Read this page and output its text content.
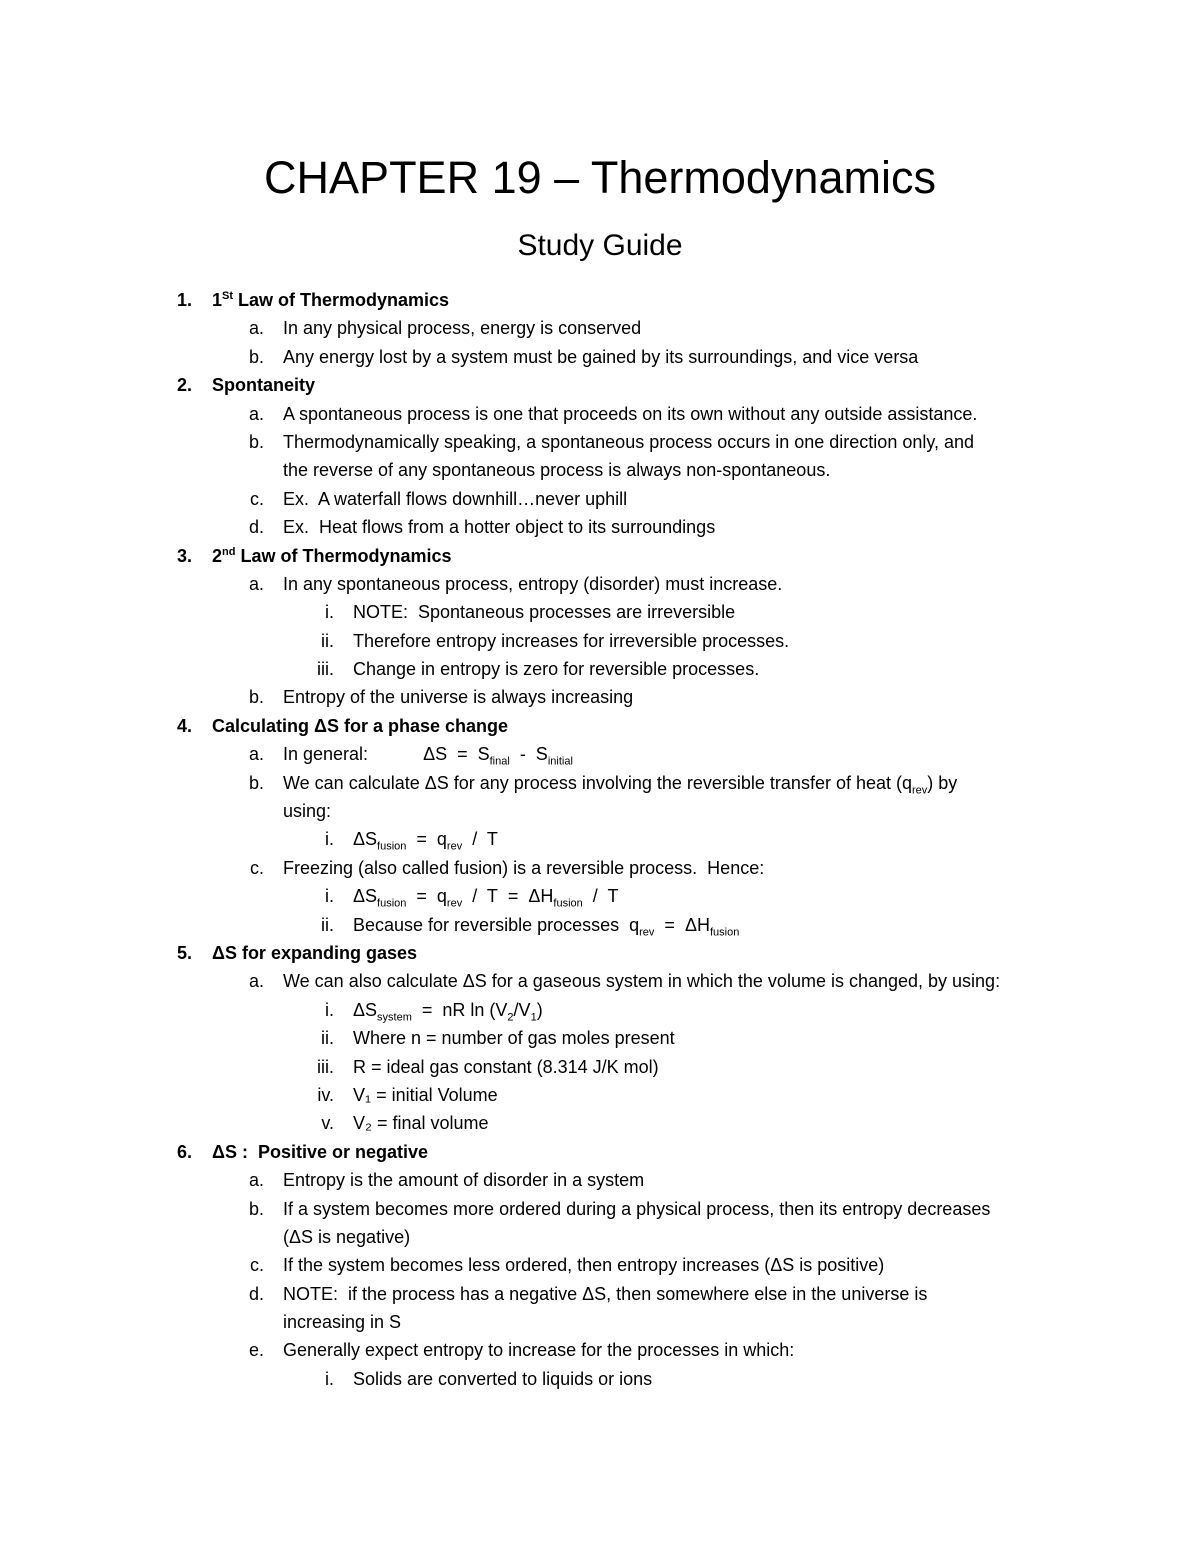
CHAPTER 19 – Thermodynamics
Study Guide
1. 1St Law of Thermodynamics
a. In any physical process, energy is conserved
b. Any energy lost by a system must be gained by its surroundings, and vice versa
2. Spontaneity
a. A spontaneous process is one that proceeds on its own without any outside assistance.
b. Thermodynamically speaking, a spontaneous process occurs in one direction only, and
the reverse of any spontaneous process is always non-spontaneous.
c. Ex.  A waterfall flows downhill…never uphill
d. Ex.  Heat flows from a hotter object to its surroundings
3. 2nd Law of Thermodynamics
a. In any spontaneous process, entropy (disorder) must increase.
i. NOTE:  Spontaneous processes are irreversible
ii. Therefore entropy increases for irreversible processes.
iii. Change in entropy is zero for reversible processes.
b. Entropy of the universe is always increasing
4. Calculating ΔS for a phase change
a. In general:           $\Delta S = S_{final} - S_{initial}$
b. We can calculate ΔS for any process involving the reversible transfer of heat $(q_{rev})$ by
using:
i. $\Delta S_{fusion} = q_{rev} / T$
c. Freezing (also called fusion) is a reversible process.  Hence:
i. $\Delta S_{fusion} = q_{rev} / T = \Delta H_{fusion} / T$
ii. Because for reversible processes  $q_{rev} = \Delta H_{fusion}$
5. ΔS for expanding gases
a. We can also calculate ΔS for a gaseous system in which the volume is changed, by using:
i. $\Delta S_{system}$  =  nR $\ln (V_2/V_1)$
ii. Where n = number of gas moles present
iii. R = ideal gas constant (8.314 J/K mol)
iv. V₁ = initial Volume
v. V₂ = final volume
6. ΔS :  Positive or negative
a. Entropy is the amount of disorder in a system
b. If a system becomes more ordered during a physical process, then its entropy decreases
(ΔS is negative)
c. If the system becomes less ordered, then entropy increases (ΔS is positive)
d. NOTE:  if the process has a negative ΔS, then somewhere else in the universe is
increasing in S
e. Generally expect entropy to increase for the processes in which:
i. Solids are converted to liquids or ions
